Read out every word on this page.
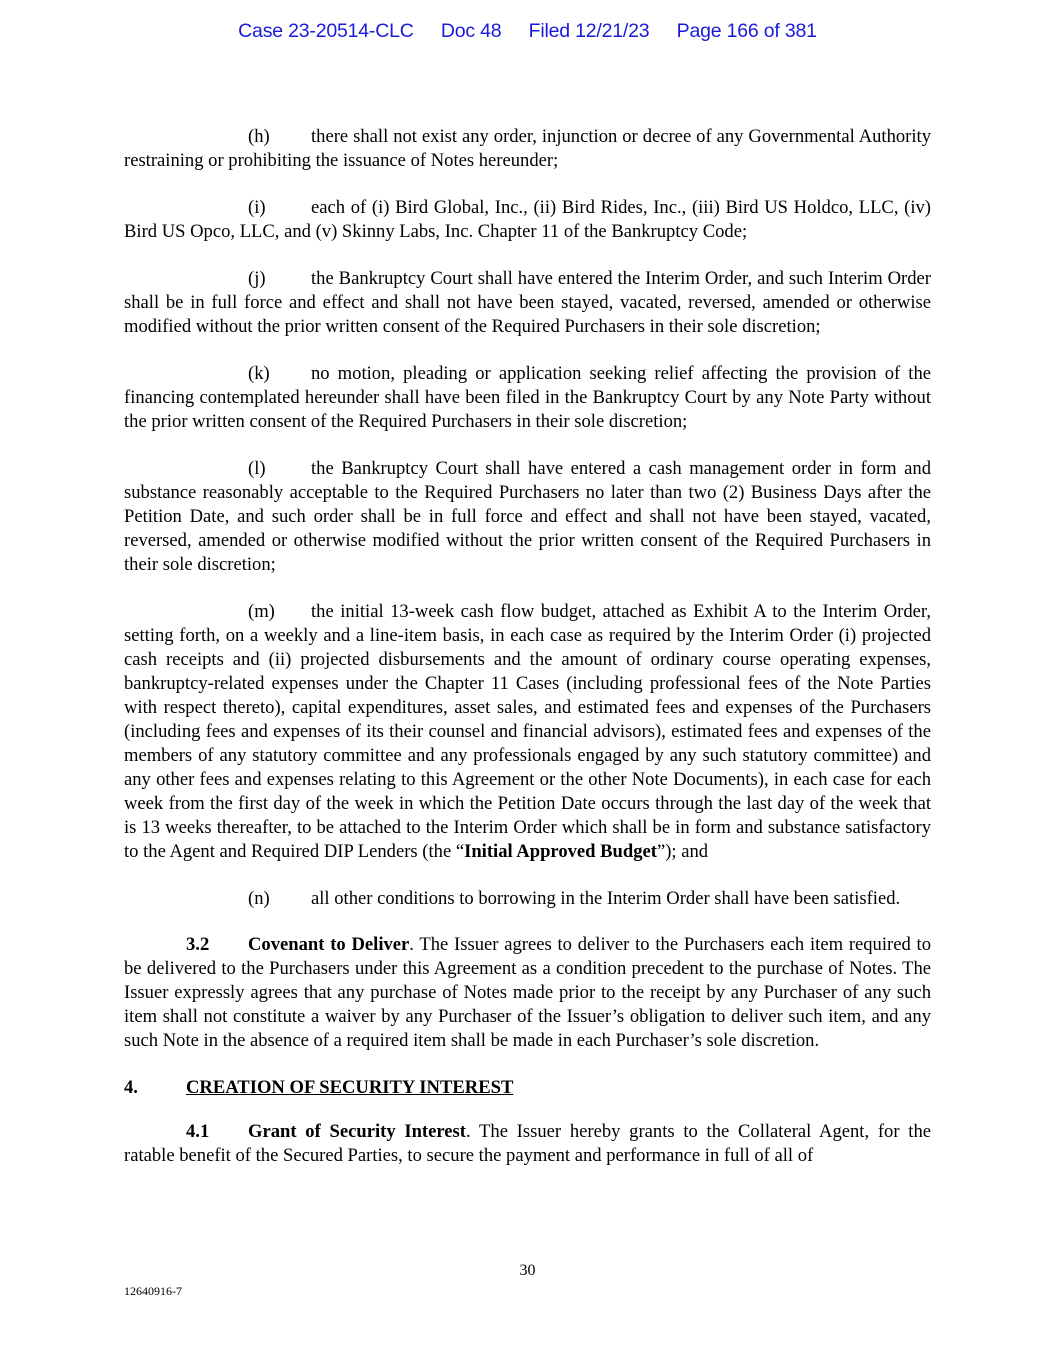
Case 23-20514-CLC Doc 48 Filed 12/21/23 Page 166 of 381

(h) there shall not exist any order, injunction or decree of any Governmental Authority restraining or prohibiting the issuance of Notes hereunder;

(i) each of (i) Bird Global, Inc., (ii) Bird Rides, Inc., (iii) Bird US Holdco, LLC, (iv) Bird US Opco, LLC, and (v) Skinny Labs, Inc. Chapter 11 of the Bankruptcy Code;

(j) the Bankruptcy Court shall have entered the Interim Order, and such Interim Order shall be in full force and effect and shall not have been stayed, vacated, reversed, amended or otherwise modified without the prior written consent of the Required Purchasers in their sole discretion;

(k) no motion, pleading or application seeking relief affecting the provision of the financing contemplated hereunder shall have been filed in the Bankruptcy Court by any Note Party without the prior written consent of the Required Purchasers in their sole discretion;

(l) the Bankruptcy Court shall have entered a cash management order in form and substance reasonably acceptable to the Required Purchasers no later than two (2) Business Days after the Petition Date, and such order shall be in full force and effect and shall not have been stayed, vacated, reversed, amended or otherwise modified without the prior written consent of the Required Purchasers in their sole discretion;

(m) the initial 13-week cash flow budget, attached as Exhibit A to the Interim Order, setting forth, on a weekly and a line-item basis, in each case as required by the Interim Order (i) projected cash receipts and (ii) projected disbursements and the amount of ordinary course operating expenses, bankruptcy-related expenses under the Chapter 11 Cases (including professional fees of the Note Parties with respect thereto), capital expenditures, asset sales, and estimated fees and expenses of the Purchasers (including fees and expenses of its their counsel and financial advisors), estimated fees and expenses of the members of any statutory committee and any professionals engaged by any such statutory committee) and any other fees and expenses relating to this Agreement or the other Note Documents), in each case for each week from the first day of the week in which the Petition Date occurs through the last day of the week that is 13 weeks thereafter, to be attached to the Interim Order which shall be in form and substance satisfactory to the Agent and Required DIP Lenders (the “Initial Approved Budget”); and

(n) all other conditions to borrowing in the Interim Order shall have been satisfied.

3.2 Covenant to Deliver. The Issuer agrees to deliver to the Purchasers each item required to be delivered to the Purchasers under this Agreement as a condition precedent to the purchase of Notes. The Issuer expressly agrees that any purchase of Notes made prior to the receipt by any Purchaser of any such item shall not constitute a waiver by any Purchaser of the Issuer’s obligation to deliver such item, and any such Note in the absence of a required item shall be made in each Purchaser’s sole discretion.

4.	CREATION OF SECURITY INTEREST

4.1 Grant of Security Interest. The Issuer hereby grants to the Collateral Agent, for the ratable benefit of the Secured Parties, to secure the payment and performance in full of all of

30
12640916-7
